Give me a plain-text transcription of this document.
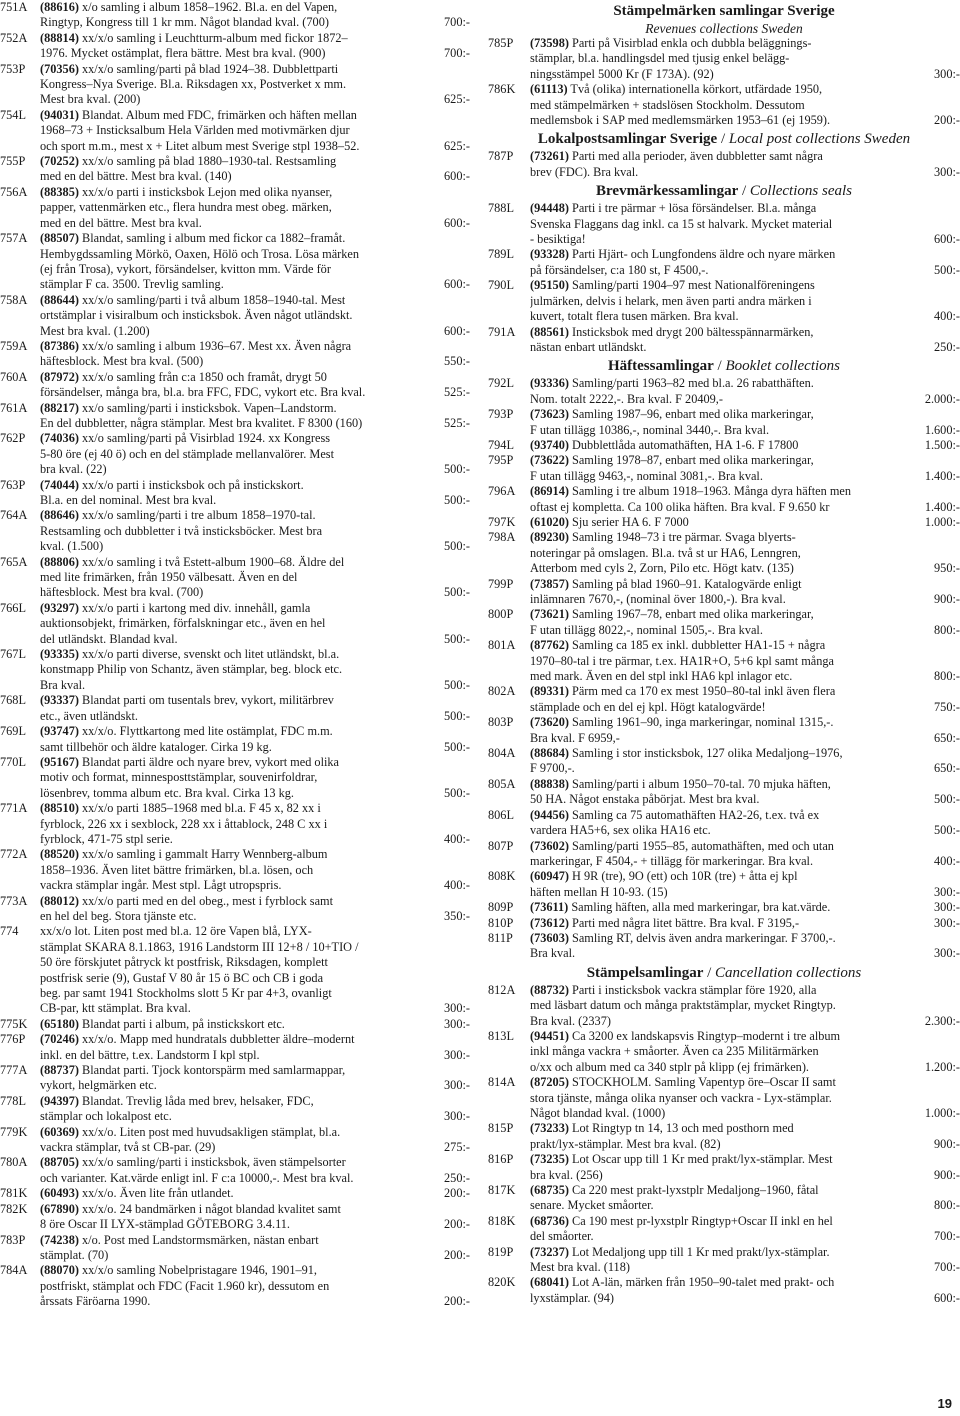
751A	(88616) x/o samling i album 1858–1962. Bl.a. en del Vapen,
Ringtyp, Kongress till 1 kr mm. Något blandad kval. (700)	700:-
752A	(88814) xx/x/o samling i Leuchtturm-album med fickor 1872–
1976. Mycket ostämplat, flera bättre. Mest bra kval. (900)	700:-
753P	(70356) xx/x/o samling/parti på blad 1924–38. Dubblettparti
Kongress–Nya Sverige. Bl.a. Riksdagen xx, Postverket x mm.
Mest bra kval. (200)	625:-
754L	(94031) Blandat. Album med FDC, frimärken och häften mellan
1968–73 + Insticksalbum Hela Världen med motivmärken djur
och sport m.m., mest x + Litet album mest Sverige stpl 1938–52.	625:-
755P	(70252) xx/x/o samling på blad 1880–1930-tal. Restsamling
med en del bättre. Mest bra kval. (140)	600:-
756A	(88385) xx/x/o parti i insticksbok Lejon med olika nyanser,
papper, vattenmärken etc., flera hundra mest obeg. märken,
med en del bättre. Mest bra kval.	600:-
757A	(88507) Blandat, samling i album med fickor ca 1882–framåt.
Hembygdssamling Mörkö, Oaxen, Hölö och Trosa. Lösa märken
(ej från Trosa), vykort, försändelser, kvitton mm. Värde för
stämplar F ca. 3500. Trevlig samling.	600:-
758A	(88644) xx/x/o samling/parti i två album 1858–1940-tal. Mest
ortstämplar i visiralbum och insticksbok. Även något utländskt.
Mest bra kval. (1.200)	600:-
759A	(87386) xx/x/o samling i album 1936–67. Mest xx. Även några
häftesblock. Mest bra kval. (500)	550:-
760A	(87972) xx/x/o samling från c:a 1850 och framåt, drygt 50
försändelser, många bra, bl.a. bra FFC, FDC, vykort etc. Bra kval.	525:-
761A	(88217) xx/o samling/parti i insticksbok. Vapen–Landstorm.
En del dubbletter, några stämplar. Mest bra kvalitet. F 8300 (160)	525:-
762P	(74036) xx/o samling/parti på Visirblad 1924. xx Kongress
5-80 öre (ej 40 ö) och en del stämplade mellanvalörer. Mest
bra kval. (22)	500:-
763P	(74044) xx/x/o parti i insticksbok och på instickskort.
Bl.a. en del nominal. Mest bra kval.	500:-
764A	(88646) xx/x/o samling/parti i tre album 1858–1970-tal.
Restsamling och dubbletter i två insticksböcker. Mest bra
kval. (1.500)	500:-
765A	(88806) xx/x/o samling i två Estett-album 1900–68. Äldre del
med lite frimärken, från 1950 välbesatt. Även en del
häftesblock. Mest bra kval. (700)	500:-
766L	(93297) xx/x/o parti i kartong med div. innehåll, gamla
auktionsobjekt, frimärken, förfalskningar etc., även en hel
del utländskt. Blandad kval.	500:-
767L	(93335) xx/x/o parti diverse, svenskt och litet utländskt, bl.a.
konstmapp Philip von Schantz, även stämplar, beg. block etc.
Bra kval.	500:-
768L	(93337) Blandat parti om tusentals brev, vykort, militärbrev
etc., även utländskt.	500:-
769L	(93747) xx/x/o. Flyttkartong med lite ostämplat, FDC m.m.
samt tillbehör och äldre kataloger. Cirka 19 kg.	500:-
770L	(95167) Blandat parti äldre och nyare brev, vykort med olika
motiv och format, minnesposttstämplar, souvenirfoldrar,
lösenbrev, tomma album etc. Bra kval. Cirka 13 kg.	500:-
771A	(88510) xx/x/o parti 1885–1968 med bl.a. F 45 x, 82 xx i
fyrblock, 226 xx i sexblock, 228 xx i åttablock, 248 C xx i
fyrblock, 471-75 stpl serie.	400:-
772A	(88520) xx/x/o samling i gammalt Harry Wennberg-album
1858–1936. Även litet bättre frimärken, bl.a. lösen, och
vackra stämplar ingår. Mest stpl. Lågt utropspris.	400:-
773A	(88012) xx/x/o parti med en del obeg., mest i fyrblock samt
en hel del beg. Stora tjänste etc.	350:-
774	xx/x/o lot. Liten post med bl.a. 12 öre Vapen blå, LYX-
stämplat SKARA 8.1.1863, 1916 Landstorm III 12+8 / 10+TIO /
50 öre förskjutet påtryck kt postfrisk, Riksdagen, komplett
postfrisk serie (9), Gustaf V 80 år 15 ö BC och CB i goda
beg. par samt 1941 Stockholms slott 5 Kr par 4+3, ovanligt
CB-par, ktt stämplat. Bra kval.	300:-
775K	(65180) Blandat parti i album, på instickskort etc.	300:-
776P	(70246) xx/x/o. Mapp med hundratals dubbletter äldre–modernt
inkl. en del bättre, t.ex. Landstorm I kpl stpl.	300:-
777A	(88737) Blandat parti. Tjock kontorspärm med samlarmappar,
vykort, helgmärken etc.	300:-
778L	(94397) Blandat. Trevlig låda med brev, helsaker, FDC,
stämplar och lokalpost etc.	300:-
779K	(60369) xx/x/o. Liten post med huvudsakligen stämplat, bl.a.
vackra stämplar, två st CB-par. (29)	275:-
780A	(88705) xx/x/o samling/parti i insticksbok, även stämpelsorter
och varianter. Kat.värde enligt inl. F c:a 10000,-. Mest bra kval.	250:-
781K	(60493) xx/x/o. Även lite från utlandet.	200:-
782K	(67890) xx/x/o. 24 bandmärken i något blandad kvalitet samt
8 öre Oscar II LYX-stämplad GÖTEBORG 3.4.11.	200:-
783P	(74238) x/o. Post med Landstormsmärken, nästan enbart
stämplat. (70)	200:-
784A	(88070) xx/x/o samling Nobelpristagare 1946, 1901–91,
postfriskt, stämplat och FDC (Facit 1.960 kr), dessutom en
årssats Färöarna 1990.	200:-
Stämpelmärken samlingar Sverige
Revenues collections Sweden
785P	(73598) Parti på Visirblad enkla och dubbla beläggnings-
stämplar, bl.a. handlingsdel med tjusig enkel belägg-
ningsstämpel 5000 Kr (F 173A). (92)	300:-
786K	(61113) Två (olika) internationella körkort, utfärdade 1950,
med stämpelmärken + stadslösen Stockholm. Dessutom
medlemsbok i SAP med medlemsmärken 1953–61 (ej 1959).	200:-
Lokalpostsamlingar Sverige / Local post collections Sweden
787P	(73261) Parti med alla perioder, även dubbletter samt några
brev (FDC). Bra kval.	300:-
Brevmärkessamlingar / Collections seals
788L	(94448) Parti i tre pärmar + lösa försändelser. Bl.a. många
Svenska Flaggans dag inkl. ca 15 st halvark. Mycket material
- besiktiga!	600:-
789L	(93328) Parti Hjärt- och Lungfondens äldre och nyare märken
på försändelser, c:a 180 st, F 4500,-.	500:-
790L	(95150) Samling/parti 1904–97 mest Nationalföreningens
julmärken, delvis i helark, men även parti andra märken i
kuvert, totalt flera tusen märken. Bra kval.	400:-
791A	(88561) Insticksbok med drygt 200 bältesspännarmärken,
nästan enbart utländskt.	250:-
Häftessamlingar / Booklet collections
792L	(93336) Samling/parti 1963–82 med bl.a. 26 rabatthäften.
Nom. totalt 2222,-. Bra kval. F 20409,-	2.000:-
793P	(73623) Samling 1987–96, enbart med olika markeringar,
F utan tillägg 10386,-, nominal 3440,-. Bra kval.	1.600:-
794L	(93740) Dubblettlåda automathäften, HA 1-6. F 17800	1.500:-
795P	(73622) Samling 1978–87, enbart med olika markeringar,
F utan tillägg 9463,-, nominal 3081,-. Bra kval.	1.400:-
796A	(86914) Samling i tre album 1918–1963. Många dyra häften men
oftast ej kompletta. Ca 100 olika häften. Bra kval. F 9.650 kr	1.400:-
797K	(61020) Sju serier HA 6. F 7000	1.000:-
798A	(89230) Samling 1948–73 i tre pärmar. Svaga blyerts-
noteringar på omslagen. Bl.a. två st ur HA6, Lenngren,
Atterbom med cyls 2, Zorn, Pilo etc. Högt katv. (135)	950:-
799P	(73857) Samling på blad 1960–91. Katalogvärde enligt
inlämnaren 7670,-, (nominal över 1800,-). Bra kval.	900:-
800P	(73621) Samling 1967–78, enbart med olika markeringar,
F utan tillägg 8022,-, nominal 1505,-. Bra kval.	800:-
801A	(87762) Samling ca 185 ex inkl. dubbletter HA1-15 + några
1970–80-tal i tre pärmar, t.ex. HA1R+O, 5+6 kpl samt många
med mark. Även en del stpl inkl HA6 kpl inlagor etc.	800:-
802A	(89331) Pärm med ca 170 ex mest 1950–80-tal inkl även flera
stämplade och en del ej kpl. Högt katalogvärde!	750:-
803P	(73620) Samling 1961–90, inga markeringar, nominal 1315,-.
Bra kval. F 6959,-	650:-
804A	(88684) Samling i stor insticksbok, 127 olika Medaljong–1976,
F 9700,-.	650:-
805A	(88838) Samling/parti i album 1950–70-tal. 70 mjuka häften,
50 HA. Något enstaka påbörjat. Mest bra kval.	500:-
806L	(94456) Samling ca 75 automathäften HA2-26, t.ex. två ex
vardera HA5+6, sex olika HA16 etc.	500:-
807P	(73602) Samling/parti 1955–85, automathäften, med och utan
markeringar, F 4504,- + tillägg för markeringar. Bra kval.	400:-
808K	(60947) H 9R (tre), 9O (ett) och 10R (tre) + åtta ej kpl
häften mellan H 10-93. (15)	300:-
809P	(73611) Samling häften, alla med markeringar, bra kat.värde.	300:-
810P	(73612) Parti med några litet bättre. Bra kval. F 3195,-	300:-
811P	(73603) Samling RT, delvis även andra markeringar. F 3700,-.
Bra kval.	300:-
Stämpelsamlingar / Cancellation collections
812A	(88732) Parti i insticksbok vackra stämplar före 1920, alla
med läsbart datum och många praktstämplar, mycket Ringtyp.
Bra kval. (2337)	2.300:-
813L	(94451) Ca 3200 ex landskapsvis Ringtyp–modernt i tre album
inkl många vackra + småorter. Även ca 235 Militärmärken
o/xx och album med ca 340 stplr på klipp (ej frimärken).	1.200:-
814A	(87205) STOCKHOLM. Samling Vapentyp öre–Oscar II samt
stora tjänste, många olika nyanser och vackra - Lyx-stämplar.
Något blandad kval. (1000)	1.000:-
815P	(73233) Lot Ringtyp tn 14, 13 och med posthorn med
prakt/lyx-stämplar. Mest bra kval. (82)	900:-
816P	(73235) Lot Oscar upp till 1 Kr med prakt/lyx-stämplar. Mest
bra kval. (256)	900:-
817K	(68735) Ca 220 mest prakt-lyxstplr Medaljong–1960, fåtal
senare. Mycket småorter.	800:-
818K	(68736) Ca 190 mest pr-lyxstplr Ringtyp+Oscar II inkl en hel
del småorter.	700:-
819P	(73237) Lot Medaljong upp till 1 Kr med prakt/lyx-stämplar.
Mest bra kval. (118)	700:-
820K	(68041) Lot A-län, märken från 1950–90-talet med prakt- och
lyxstämplar. (94)	600:-
19
